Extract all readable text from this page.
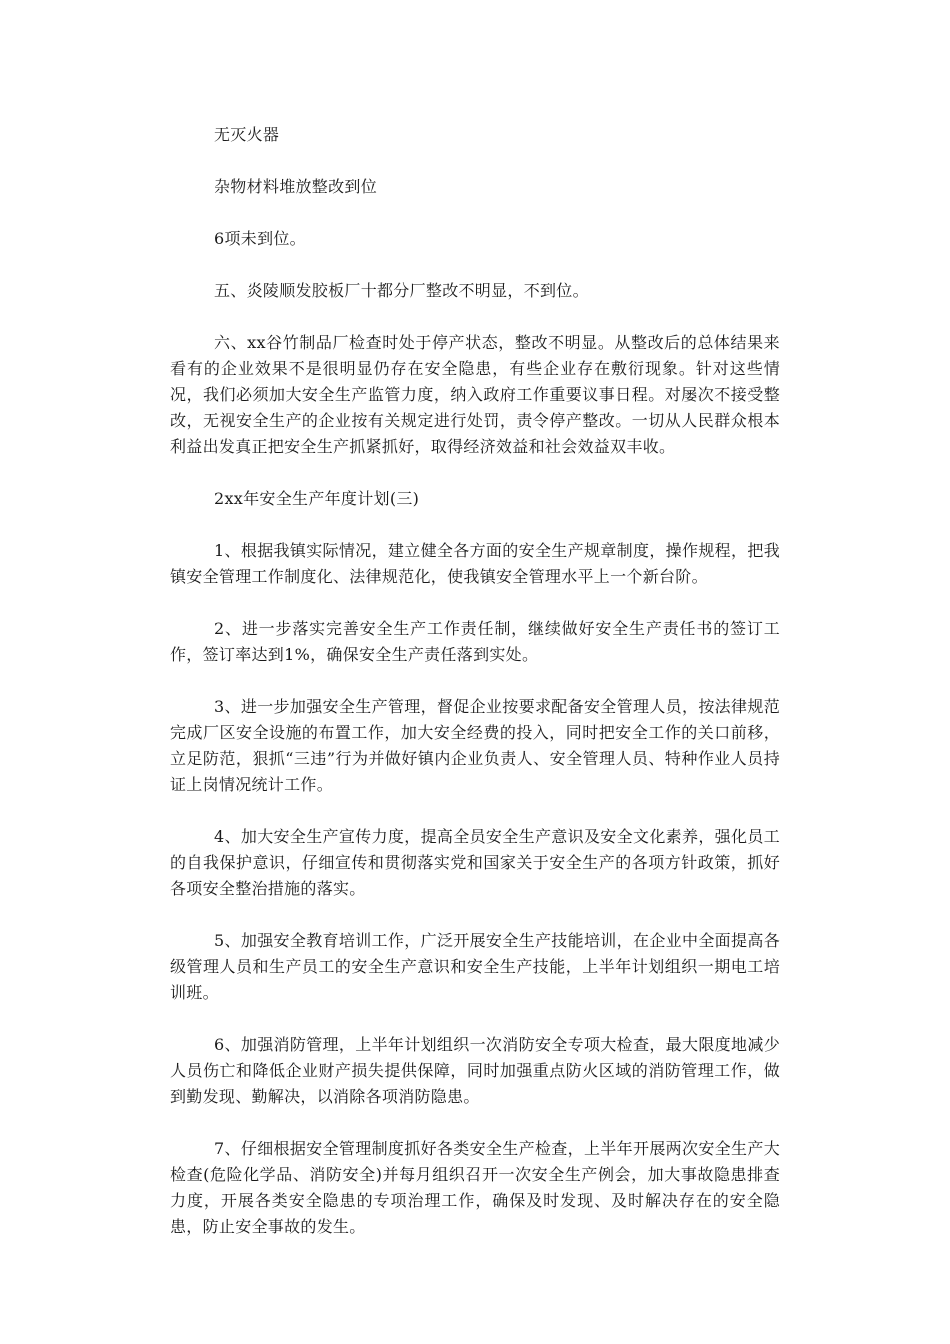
无灭火器

杂物材料堆放整改到位

6项未到位。

五、炎陵顺发胶板厂十都分厂整改不明显，不到位。

六、xx谷竹制品厂检查时处于停产状态，整改不明显。从整改后的总体结果来看有的企业效果不是很明显仍存在安全隐患，有些企业存在敷衍现象。针对这些情况，我们必须加大安全生产监管力度，纳入政府工作重要议事日程。对屡次不接受整改，无视安全生产的企业按有关规定进行处罚，责令停产整改。一切从人民群众根本利益出发真正把安全生产抓紧抓好，取得经济效益和社会效益双丰收。

2xx年安全生产年度计划(三)

1、根据我镇实际情况，建立健全各方面的安全生产规章制度，操作规程，把我镇安全管理工作制度化、法律规范化，使我镇安全管理水平上一个新台阶。

2、进一步落实完善安全生产工作责任制，继续做好安全生产责任书的签订工作，签订率达到1%，确保安全生产责任落到实处。

3、进一步加强安全生产管理，督促企业按要求配备安全管理人员，按法律规范完成厂区安全设施的布置工作，加大安全经费的投入，同时把安全工作的关口前移，立足防范，狠抓“三违”行为并做好镇内企业负责人、安全管理人员、特种作业人员持证上岗情况统计工作。

4、加大安全生产宣传力度，提高全员安全生产意识及安全文化素养，强化员工的自我保护意识，仔细宣传和贯彻落实党和国家关于安全生产的各项方针政策，抓好各项安全整治措施的落实。

5、加强安全教育培训工作，广泛开展安全生产技能培训，在企业中全面提高各级管理人员和生产员工的安全生产意识和安全生产技能，上半年计划组织一期电工培训班。

6、加强消防管理，上半年计划组织一次消防安全专项大检查，最大限度地减少人员伤亡和降低企业财产损失提供保障，同时加强重点防火区域的消防管理工作，做到勤发现、勤解决，以消除各项消防隐患。

7、仔细根据安全管理制度抓好各类安全生产检查，上半年开展两次安全生产大检查(危险化学品、消防安全)并每月组织召开一次安全生产例会，加大事故隐患排查力度，开展各类安全隐患的专项治理工作，确保及时发现、及时解决存在的安全隐患，防止安全事故的发生。
